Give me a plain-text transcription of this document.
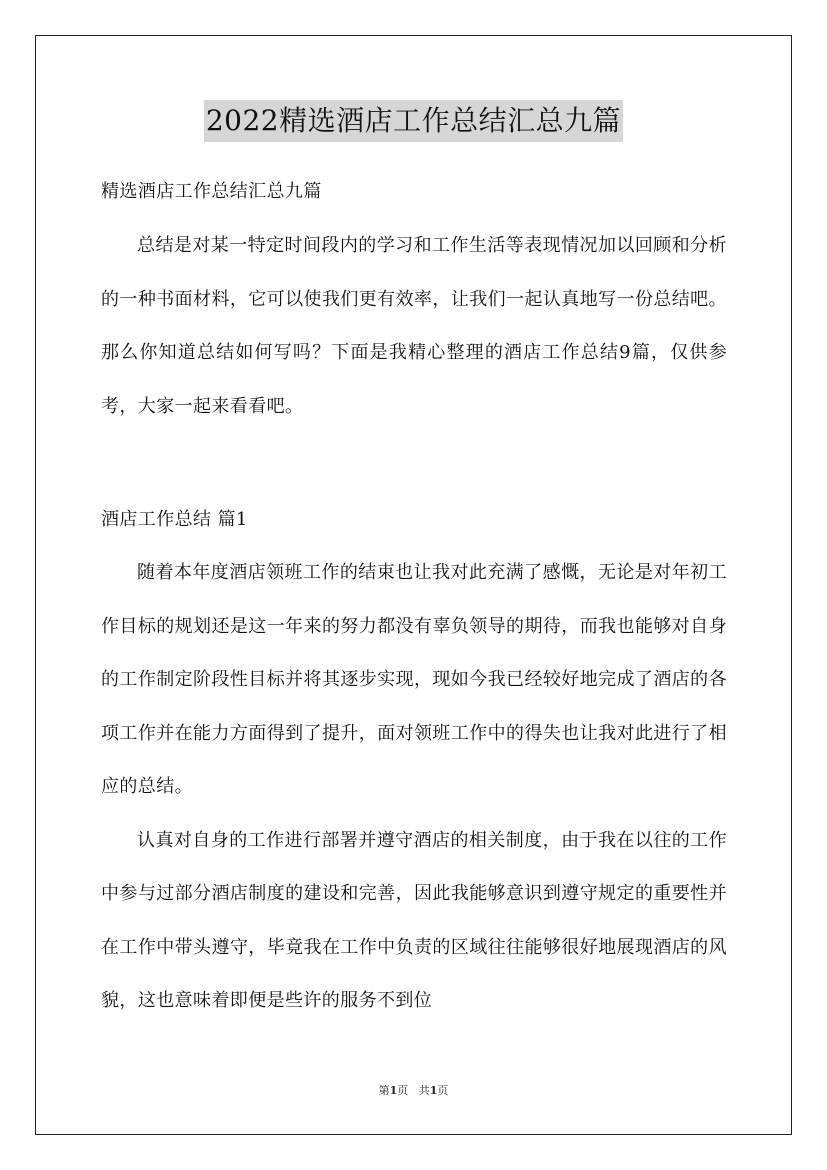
2022精选酒店工作总结汇总九篇
精选酒店工作总结汇总九篇

总结是对某一特定时间段内的学习和工作生活等表现情况加以回顾和分析的一种书面材料，它可以使我们更有效率，让我们一起认真地写一份总结吧。那么你知道总结如何写吗？下面是我精心整理的酒店工作总结9篇，仅供参考，大家一起来看看吧。

酒店工作总结 篇1

随着本年度酒店领班工作的结束也让我对此充满了感慨，无论是对年初工作目标的规划还是这一年来的努力都没有辜负领导的期待，而我也能够对自身的工作制定阶段性目标并将其逐步实现，现如今我已经较好地完成了酒店的各项工作并在能力方面得到了提升，面对领班工作中的得失也让我对此进行了相应的总结。

认真对自身的工作进行部署并遵守酒店的相关制度，由于我在以往的工作中参与过部分酒店制度的建设和完善，因此我能够意识到遵守规定的重要性并在工作中带头遵守，毕竟我在工作中负责的区域往往能够很好地展现酒店的风貌，这也意味着即便是些许的服务不到位

第1页 共1页
